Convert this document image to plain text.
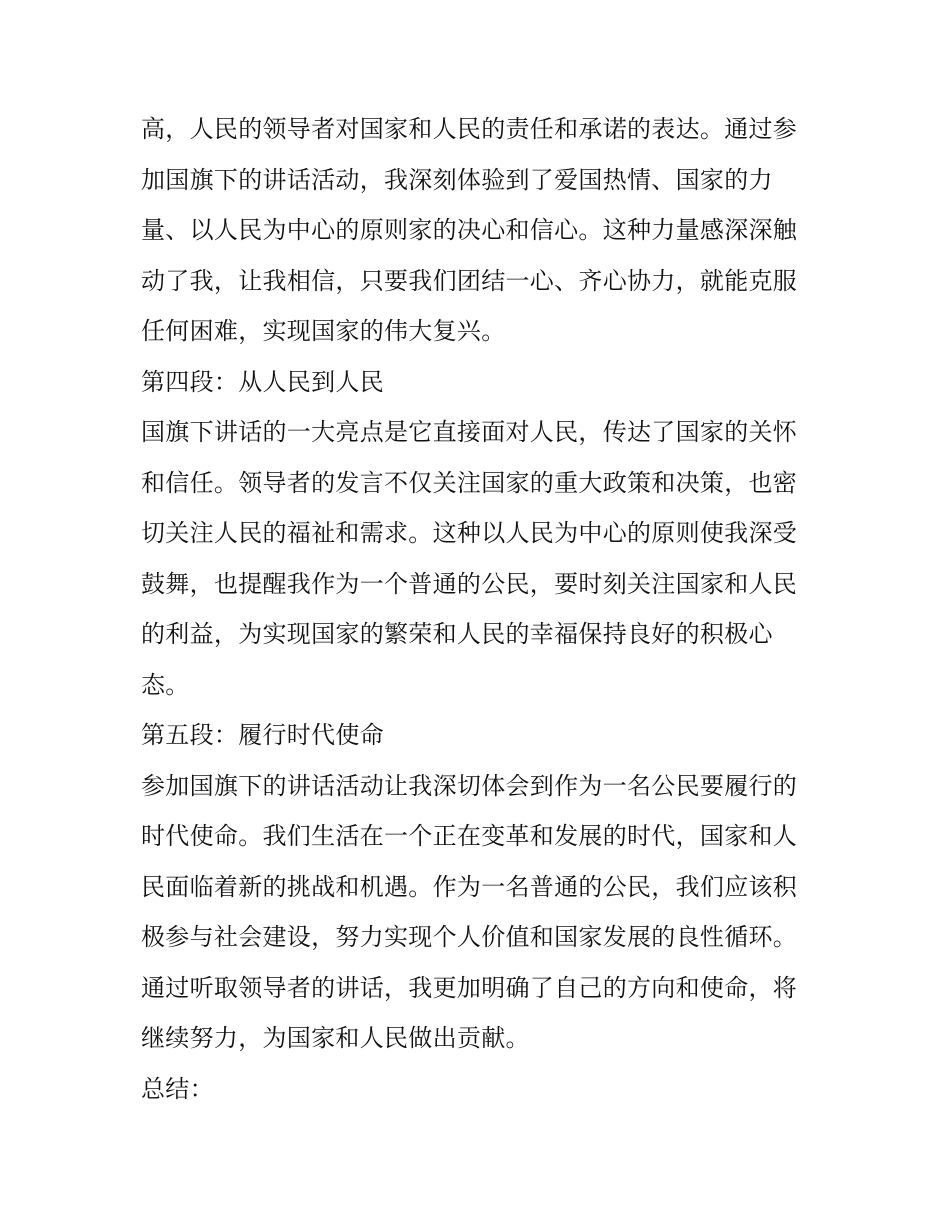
高，人民的领导者对国家和人民的责任和承诺的表达。通过参
加国旗下的讲话活动，我深刻体验到了爱国热情、国家的力
量、以人民为中心的原则家的决心和信心。这种力量感深深触
动了我，让我相信，只要我们团结一心、齐心协力，就能克服
任何困难，实现国家的伟大复兴。
第四段：从人民到人民
国旗下讲话的一大亮点是它直接面对人民，传达了国家的关怀
和信任。领导者的发言不仅关注国家的重大政策和决策，也密
切关注人民的福祉和需求。这种以人民为中心的原则使我深受
鼓舞，也提醒我作为一个普通的公民，要时刻关注国家和人民
的利益，为实现国家的繁荣和人民的幸福保持良好的积极心
态。
第五段：履行时代使命
参加国旗下的讲话活动让我深切体会到作为一名公民要履行的
时代使命。我们生活在一个正在变革和发展的时代，国家和人
民面临着新的挑战和机遇。作为一名普通的公民，我们应该积
极参与社会建设，努力实现个人价值和国家发展的良性循环。
通过听取领导者的讲话，我更加明确了自己的方向和使命，将
继续努力，为国家和人民做出贡献。
总结：
